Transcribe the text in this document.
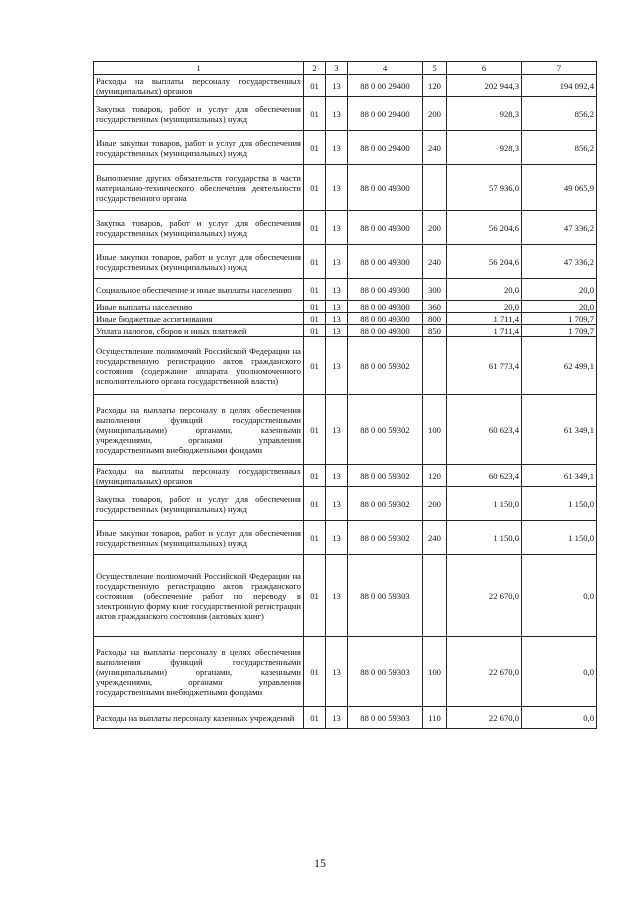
1	2	3	4	5	6	7
Расходы на выплаты персоналу государственных (муниципальных) органов	01	13	88 0 00 29400	120	202 944,3	194 092,4
Закупка товаров, работ и услуг для обеспечения государственных (муниципальных) нужд	01	13	88 0 00 29400	200	928,3	856,2
Иные закупки товаров, работ и услуг для обеспечения государственных (муниципальных) нужд	01	13	88 0 00 29400	240	928,3	856,2
Выполнение других обязательств государства в части материально-технического обеспечения деятельности государственного органа	01	13	88 0 00 49300		57 936,0	49 065,9
Закупка товаров, работ и услуг для обеспечения государственных (муниципальных) нужд	01	13	88 0 00 49300	200	56 204,6	47 336,2
Иные закупки товаров, работ и услуг для обеспечения государственных (муниципальных) нужд	01	13	88 0 00 49300	240	56 204,6	47 336,2
Социальное обеспечение и иные выплаты населению	01	13	88 0 00 49300	300	20,0	20,0
Иные выплаты населению	01	13	88 0 00 49300	360	20,0	20,0
Иные бюджетные ассигнования	01	13	88 0 00 49300	800	1 711,4	1 709,7
Уплата налогов, сборов и иных платежей	01	13	88 0 00 49300	850	1 711,4	1 709,7
Осуществление полномочий Российской Федерации на государственную регистрацию актов гражданского состояния (содержание аппарата уполномоченного исполнительного органа государственной власти)	01	13	88 0 00 59302		61 773,4	62 499,1
Расходы на выплаты персоналу в целях обеспечения выполнения функций государственными (муниципальными) органами, казенными учреждениями, органами управления государственными внебюджетными фондами	01	13	88 0 00 59302	100	60 623,4	61 349,1
Расходы на выплаты персоналу государственных (муниципальных) органов	01	13	88 0 00 59302	120	60 623,4	61 349,1
Закупка товаров, работ и услуг для обеспечения государственных (муниципальных) нужд	01	13	88 0 00 59302	200	1 150,0	1 150,0
Иные закупки товаров, работ и услуг для обеспечения государственных (муниципальных) нужд	01	13	88 0 00 59302	240	1 150,0	1 150,0
Осуществление полномочий Российской Федерации на государственную регистрацию актов гражданского состояния (обеспечение работ по переводу в электронную форму книг государственной регистрации актов гражданского состояния (актовых книг)	01	13	88 0 00 59303		22 670,0	0,0
Расходы на выплаты персоналу в целях обеспечения выполнения функций государственными (муниципальными) органами, казенными учреждениями, органами управления государственными внебюджетными фондами	01	13	88 0 00 59303	100	22 670,0	0,0
Расходы на выплаты персоналу казенных учреждений	01	13	88 0 00 59303	110	22 670,0	0,0
15
